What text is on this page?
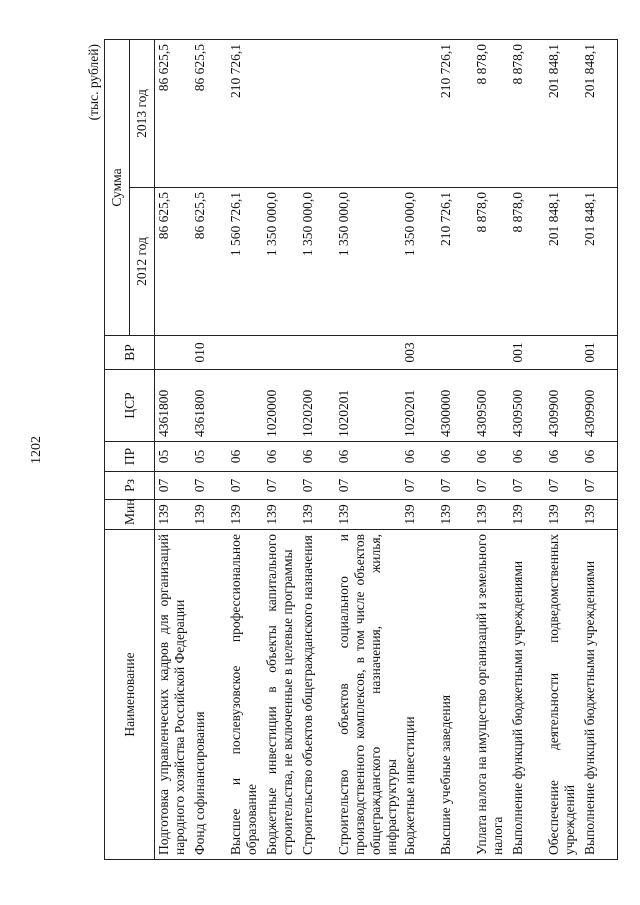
1202
(тыс. рублей)
Наименование	Мин	Рз	ПР	ЦСР	ВР	Сумма	
						2012 год	2013 год
Подготовка управленческих кадров для организаций народного хозяйства Российской Федерации	139	07	05	4361800		86 625,5	86 625,5
Фонд софинансирования	139	07	05	4361800	010	86 625,5	86 625,5
Высшее и послевузовское профессиональное образование	139	07	06			1 560 726,1	210 726,1
Бюджетные инвестиции в объекты капитального строительства, не включенные в целевые программы	139	07	06	1020000		1 350 000,0	
Строительство объектов общегражданского назначения	139	07	06	1020200		1 350 000,0	
Строительство объектов социального и производственного комплексов, в том числе объектов общегражданского назначения, жилья, инфраструктуры	139	07	06	1020201		1 350 000,0	
Бюджетные инвестиции	139	07	06	1020201	003	1 350 000,0	
Высшие учебные заведения	139	07	06	4300000		210 726,1	210 726,1
Уплата налога на имущество организаций и земельного налога	139	07	06	4309500		8 878,0	8 878,0
Выполнение функций бюджетными учреждениями	139	07	06	4309500	001	8 878,0	8 878,0
Обеспечение деятельности подведомственных учреждений	139	07	06	4309900		201 848,1	201 848,1
Выполнение функций бюджетными учреждениями	139	07	06	4309900	001	201 848,1	201 848,1
